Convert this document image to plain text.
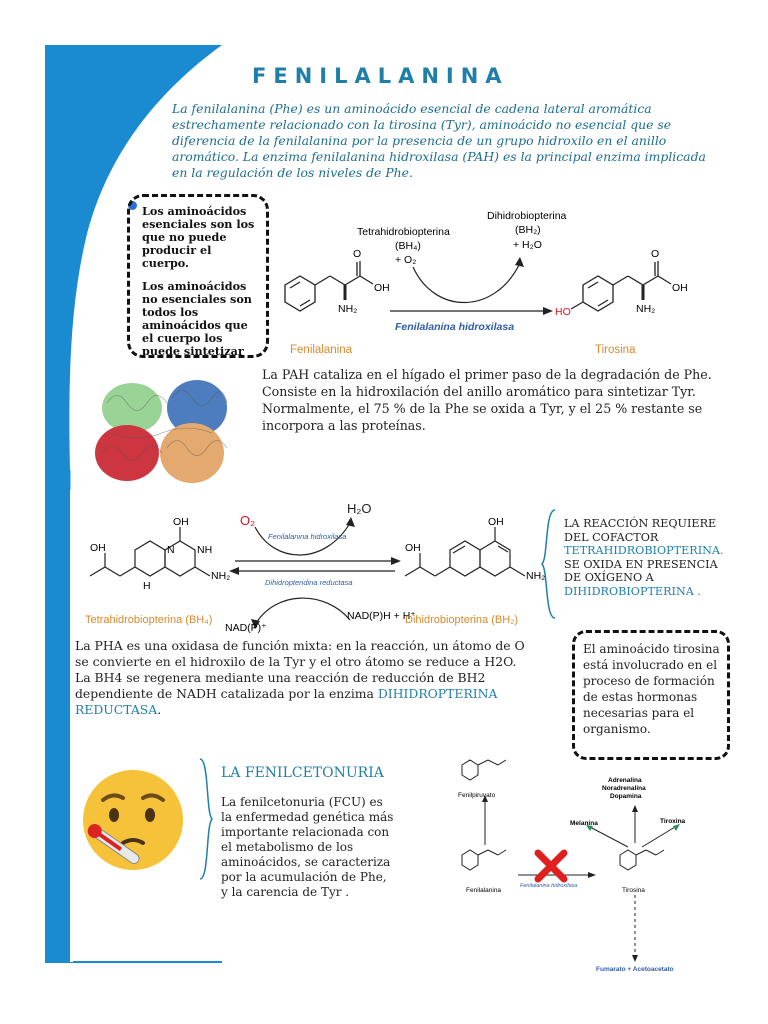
FENILALANINA
La fenilalanina (Phe) es un aminoácido esencial de cadena lateral aromática estrechamente relacionado con la tirosina (Tyr), aminoácido no esencial que se diferencia de la fenilalanina por la presencia de un grupo hidroxilo en el anillo aromático. La enzima fenilalanina hidroxilasa (PAH) es la principal enzima implicada en la regulación de los niveles de Phe.

Los aminoácidos esenciales son los que no puede producir el cuerpo.

Los aminoácidos no esenciales son todos los aminoácidos que el cuerpo los puede sintetizar

O
OH
NH₂
Fenilalanina
Tetrahidrobiopterina
(BH₄)
+ O₂
Dihidrobiopterina
(BH₂)
+ H₂O
Fenilalanina hidroxilasa
HO
O
OH
NH₂
Tirosina
La PAH cataliza en el hígado el primer paso de la degradación de Phe. Consiste en la hidroxilación del anillo aromático para sintetizar Tyr. Normalmente, el 75 % de la Phe se oxida a Tyr, y el 25 % restante se incorpora a las proteínas.
OH
OH	N NH
NH₂
H
Tetrahidrobiopterina (BH₄)
O₂
H₂O
Fenilalanina hidroxilasa
Dihidropteridina reductasa
NAD(P)⁺
NAD(P)H + H⁺
OH
OH
NH₂
Dihidrobiopterina (BH₂)
LA REACCIÓN REQUIERE DEL COFACTOR
TETRAHIDROBIOPTERINA.
SE OXIDA EN PRESENCIA DE OXÍGENO A
DIHIDROBIOPTERINA .
La PHA es una oxidasa de función mixta: en la reacción, un átomo de O se convierte en el hidroxilo de la Tyr y el otro átomo se reduce a H2O. La BH4 se regenera mediante una reacción de reducción de BH2 dependiente de NADH catalizada por la enzima DIHIDROPTERINA REDUCTASA.
El aminoácido tirosina está involucrado en el proceso de formación de estas hormonas necesarias para el organismo.
LA FENILCETONURIA
La fenilcetonuria (FCU) es la enfermedad genética más importante relacionada con el metabolismo de los aminoácidos, se caracteriza por la acumulación de Phe, y la carencia de Tyr .
Fenilpiruvato
Fenilalanina
Fenilalanina hidroxilasa
Tirosina
Adrenalina Noradrenalina Dopamina
Melanina	Tiroxina
Fumarato + Acetoacetato
